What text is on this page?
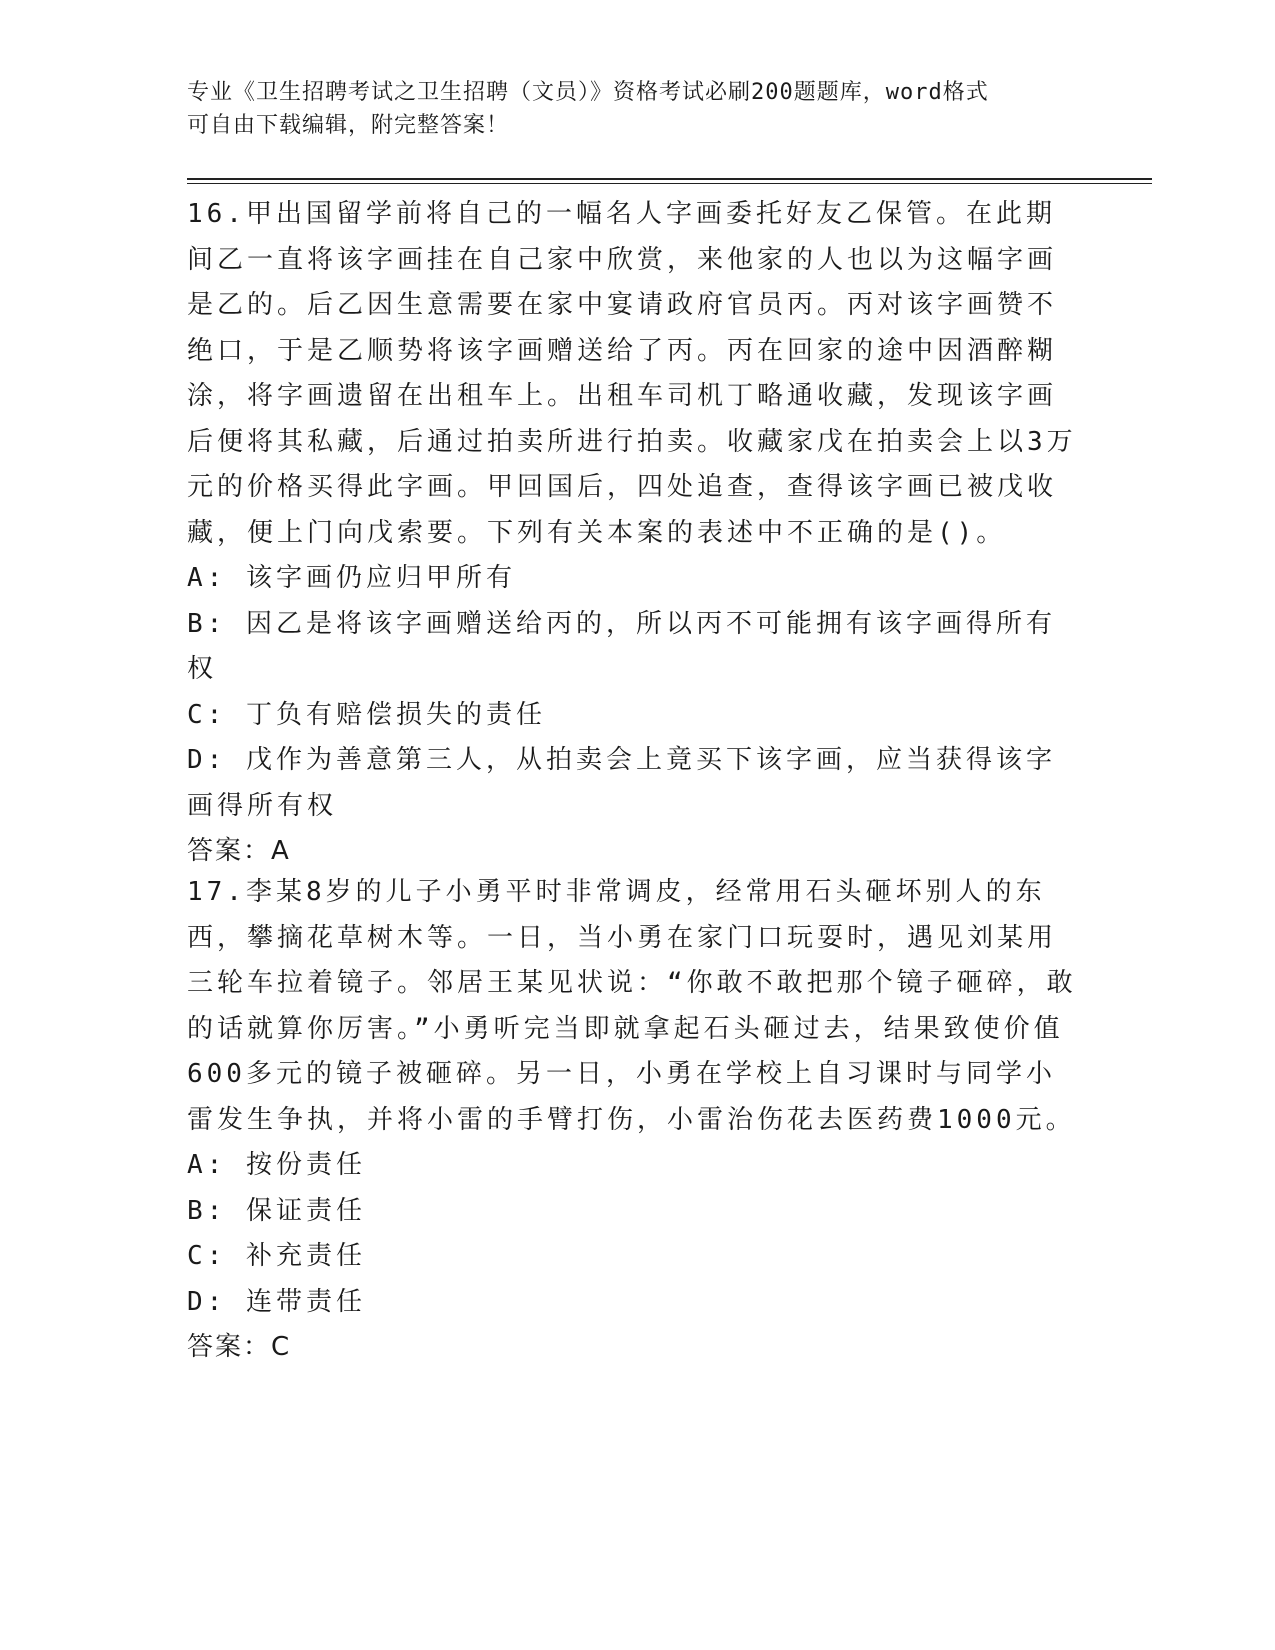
专业《卫生招聘考试之卫生招聘（文员）》资格考试必刷200题题库，word格式
可自由下载编辑，附完整答案！
16.甲出国留学前将自己的一幅名人字画委托好友乙保管。在此期间乙一直将该字画挂在自己家中欣赏，来他家的人也以为这幅字画是乙的。后乙因生意需要在家中宴请政府官员丙。丙对该字画赞不绝口，于是乙顺势将该字画赠送给了丙。丙在回家的途中因酒醉糊涂，将字画遗留在出租车上。出租车司机丁略通收藏，发现该字画后便将其私藏，后通过拍卖所进行拍卖。收藏家戊在拍卖会上以3万元的价格买得此字画。甲回国后，四处追查，查得该字画已被戊收藏，便上门向戊索要。下列有关本案的表述中不正确的是()。
A: 该字画仍应归甲所有
B: 因乙是将该字画赠送给丙的，所以丙不可能拥有该字画得所有权
C: 丁负有赔偿损失的责任
D: 戊作为善意第三人，从拍卖会上竟买下该字画，应当获得该字画得所有权
答案：A
17.李某8岁的儿子小勇平时非常调皮，经常用石头砸坏别人的东西，攀摘花草树木等。一日，当小勇在家门口玩耍时，遇见刘某用三轮车拉着镜子。邻居王某见状说：“你敢不敢把那个镜子砸碎，敢的话就算你厉害。”小勇听完当即就拿起石头砸过去，结果致使价值600多元的镜子被砸碎。另一日，小勇在学校上自习课时与同学小雷发生争执，并将小雷的手臂打伤，小雷治伤花去医药费1000元。
A: 按份责任
B: 保证责任
C: 补充责任
D: 连带责任
答案：C
